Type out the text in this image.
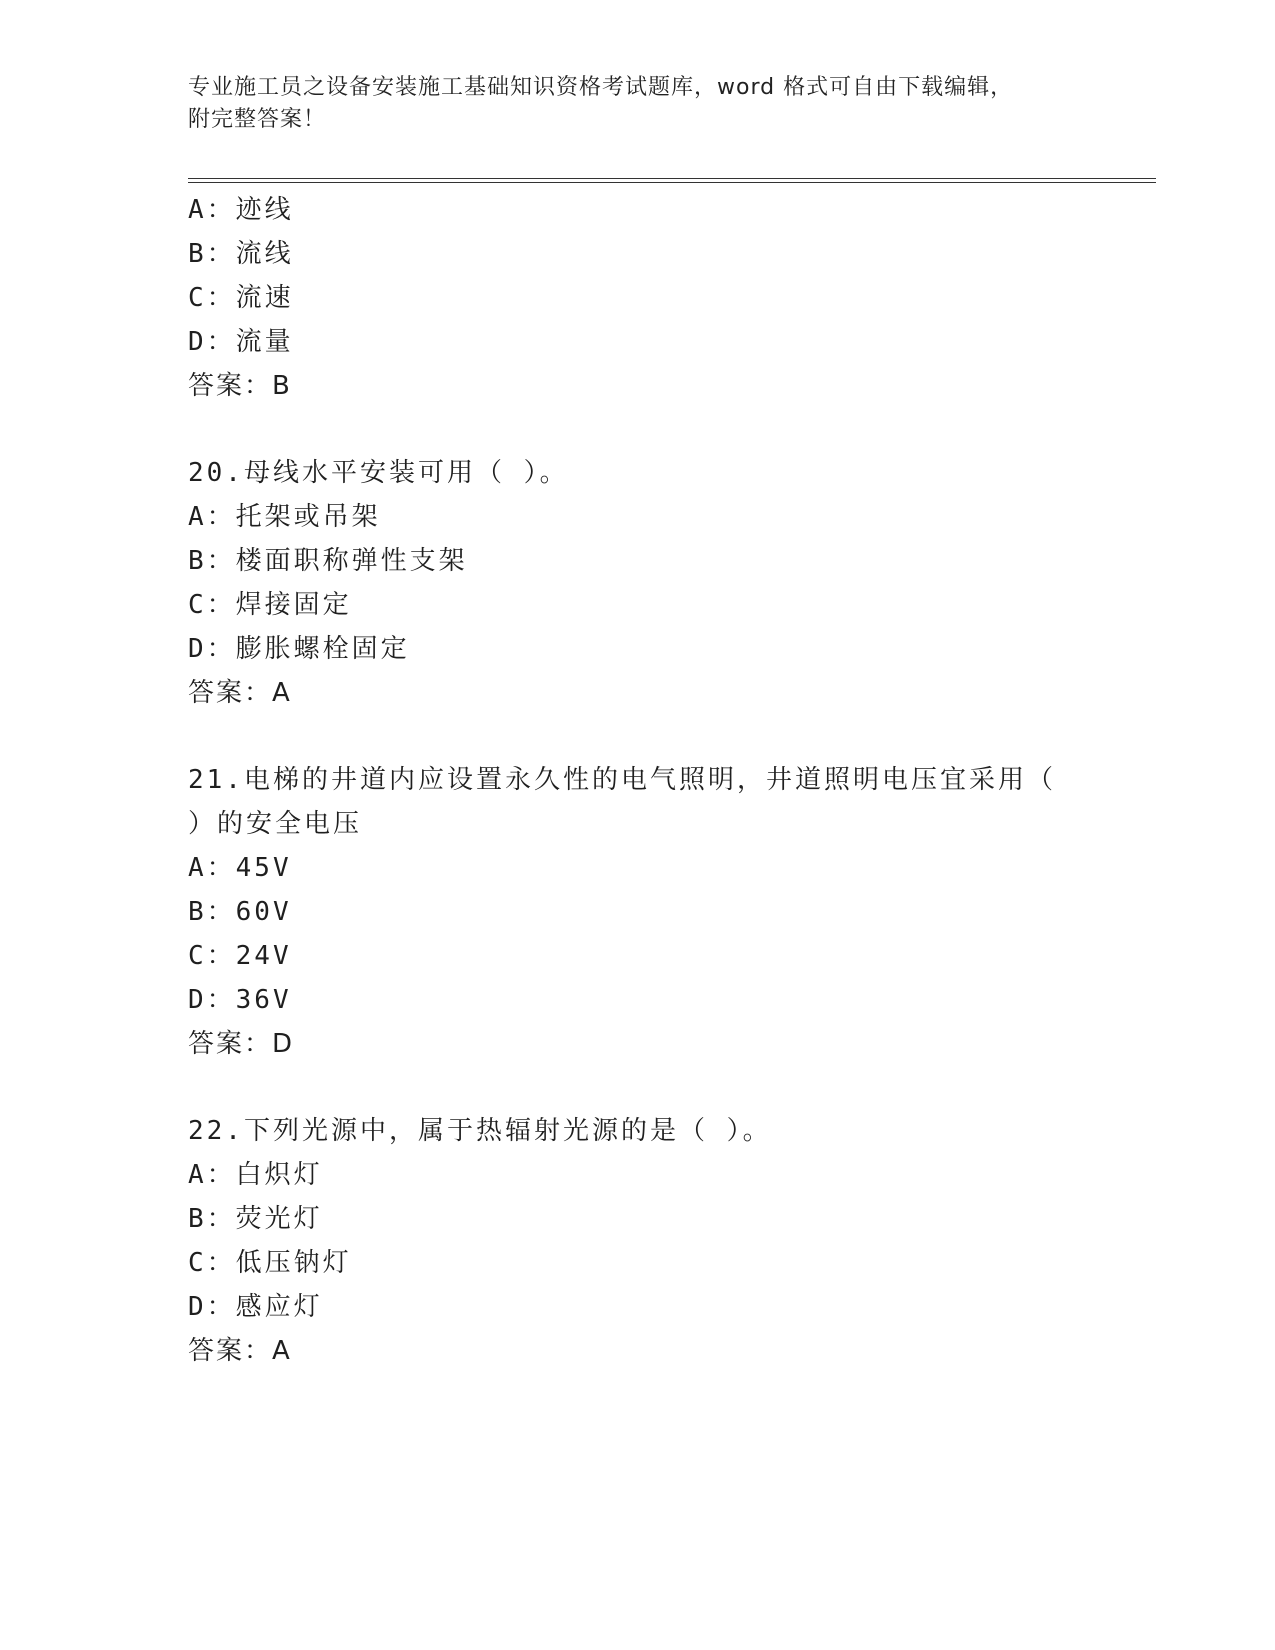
专业施工员之设备安装施工基础知识资格考试题库，word 格式可自由下载编辑，
附完整答案！
A：迹线
B：流线
C：流速
D：流量
答案：B
20.母线水平安装可用（ ）。
A：托架或吊架
B：楼面职称弹性支架
C：焊接固定
D：膨胀螺栓固定
答案：A
21.电梯的井道内应设置永久性的电气照明，井道照明电压宜采用（
）的安全电压
A：45V
B：60V
C：24V
D：36V
答案：D
22.下列光源中，属于热辐射光源的是（ ）。
A：白炽灯
B：荧光灯
C：低压钠灯
D：感应灯
答案：A
